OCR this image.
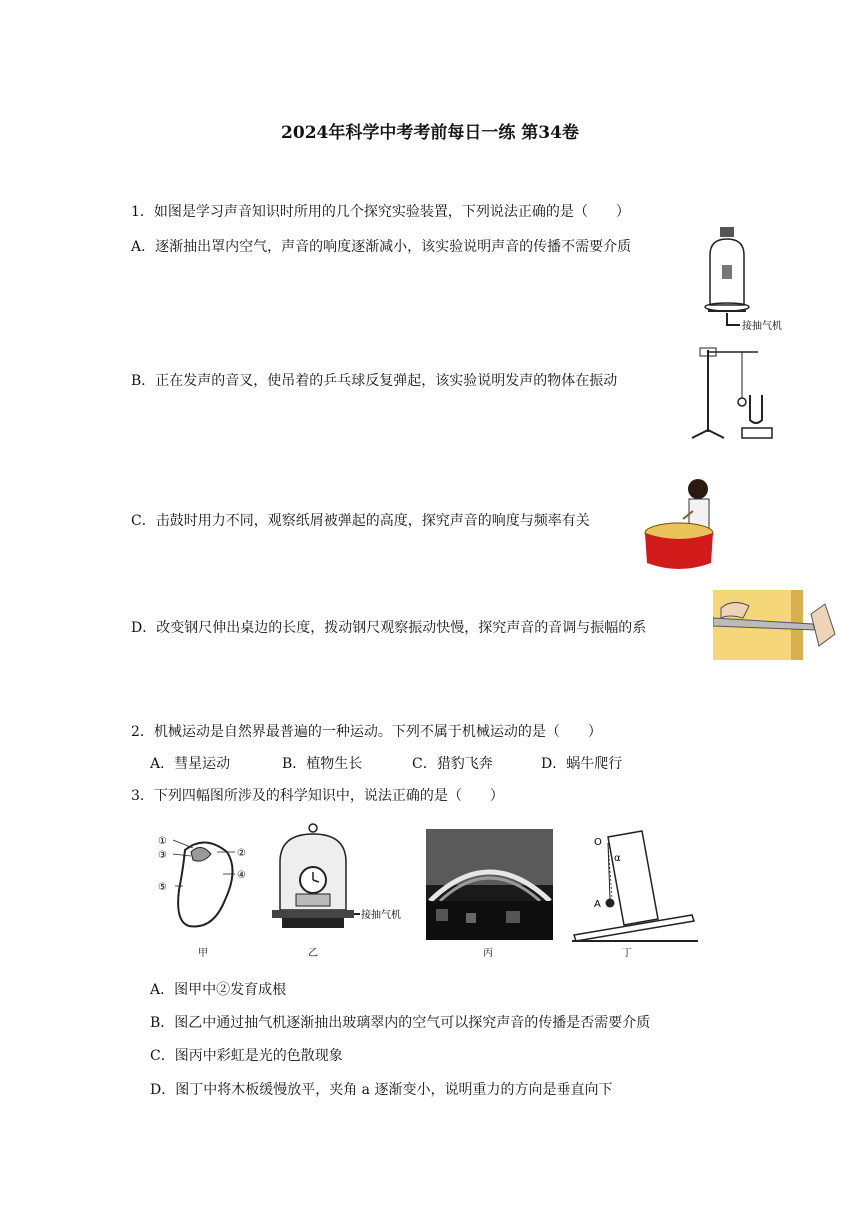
2024年科学中考考前每日一练 第34卷
1．如图是学习声音知识时所用的几个探究实验装置，下列说法正确的是（　　）
A．逐渐抽出罩内空气，声音的响度逐渐减小，该实验说明声音的传播不需要介质
B．正在发声的音叉，使吊着的乒乓球反复弹起，该实验说明发声的物体在振动
C．击鼓时用力不同，观察纸屑被弹起的高度，探究声音的响度与频率有关
D．改变钢尺伸出桌边的长度，拨动钢尺观察振动快慢，探究声音的音调与振幅的系
接抽气机
2．机械运动是自然界最普遍的一种运动。下列不属于机械运动的是（　　）
A．彗星运动	B．植物生长	C．猎豹飞奔	D．蜗牛爬行
3．下列四幅图所涉及的科学知识中，说法正确的是（　　）
①
③	②
④
⑤
甲
接抽气机
乙	丙
O
A
α
丁
A．图甲中②发育成根
B．图乙中通过抽气机逐渐抽出玻璃翠内的空气可以探究声音的传播是否需要介质
C．图丙中彩虹是光的色散现象
D．图丁中将木板缓慢放平，夹角 a 逐渐变小，说明重力的方向是垂直向下
